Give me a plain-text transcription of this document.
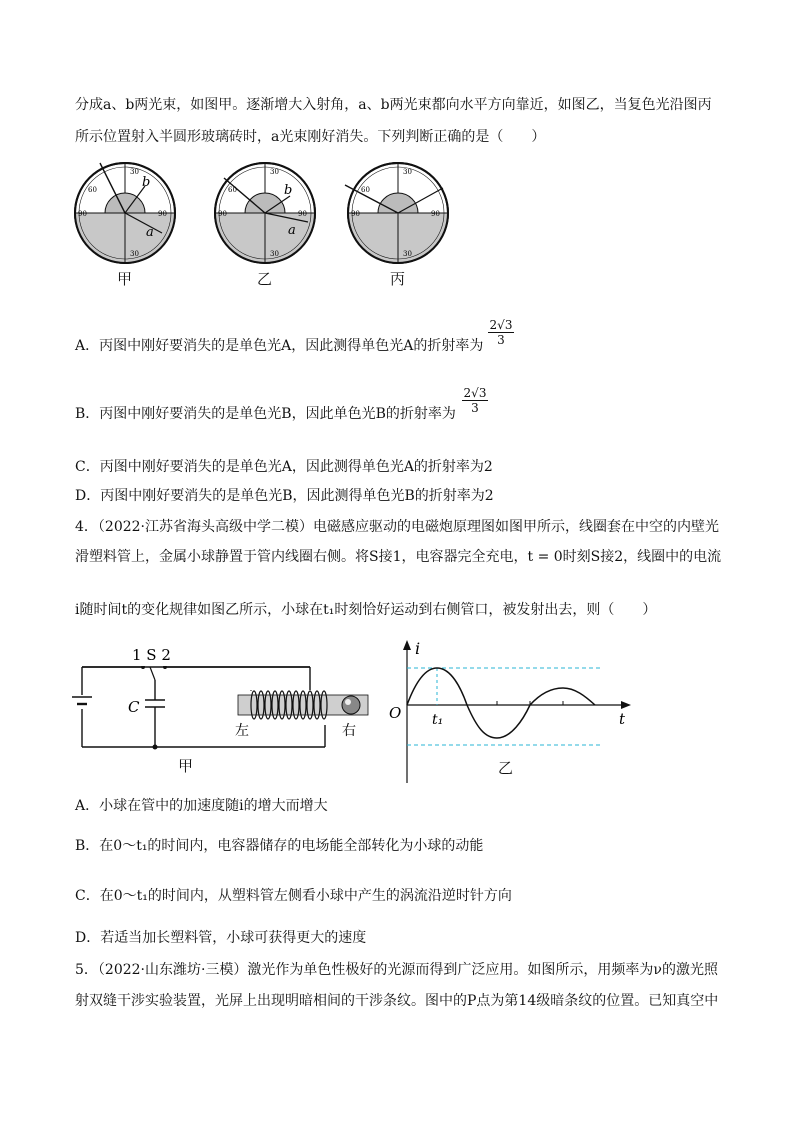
分成a、b两光束，如图甲。逐渐增大入射角，a、b两光束都向水平方向靠近，如图乙，当复色光沿图丙
所示位置射入半圆形玻璃砖时，a光束刚好消失。下列判断正确的是（　　）
b
a
60
90	90
30
30
甲
b
a
60
90	90
30
30
乙
60
90	90
30
30
丙
A．丙图中刚好要消失的是单色光A，因此测得单色光A的折射率为 $\frac{2√3}{3}$
B．丙图中刚好要消失的是单色光B，因此单色光B的折射率为 $\frac{2√3}{3}$
C．丙图中刚好要消失的是单色光A，因此测得单色光A的折射率为2
D．丙图中刚好要消失的是单色光B，因此测得单色光B的折射率为2
4．（2022·江苏省海头高级中学二模）电磁感应驱动的电磁炮原理图如图甲所示，线圈套在中空的内壁光
滑塑料管上，金属小球静置于管内线圈右侧。将S接1，电容器完全充电，t = 0时刻S接2，线圈中的电流
i随时间t的变化规律如图乙所示，小球在t₁时刻恰好运动到右侧管口，被发射出去，则（　　）
1 S 2
C
左	右
甲
i
O t₁	t
乙
A．小球在管中的加速度随i的增大而增大
B．在0～t₁的时间内，电容器储存的电场能全部转化为小球的动能
C．在0～t₁的时间内，从塑料管左侧看小球中产生的涡流沿逆时针方向
D．若适当加长塑料管，小球可获得更大的速度
5．（2022·山东潍坊·三模）激光作为单色性极好的光源而得到广泛应用。如图所示，用频率为ν的激光照
射双缝干涉实验装置，光屏上出现明暗相间的干涉条纹。图中的P点为第14级暗条纹的位置。已知真空中
